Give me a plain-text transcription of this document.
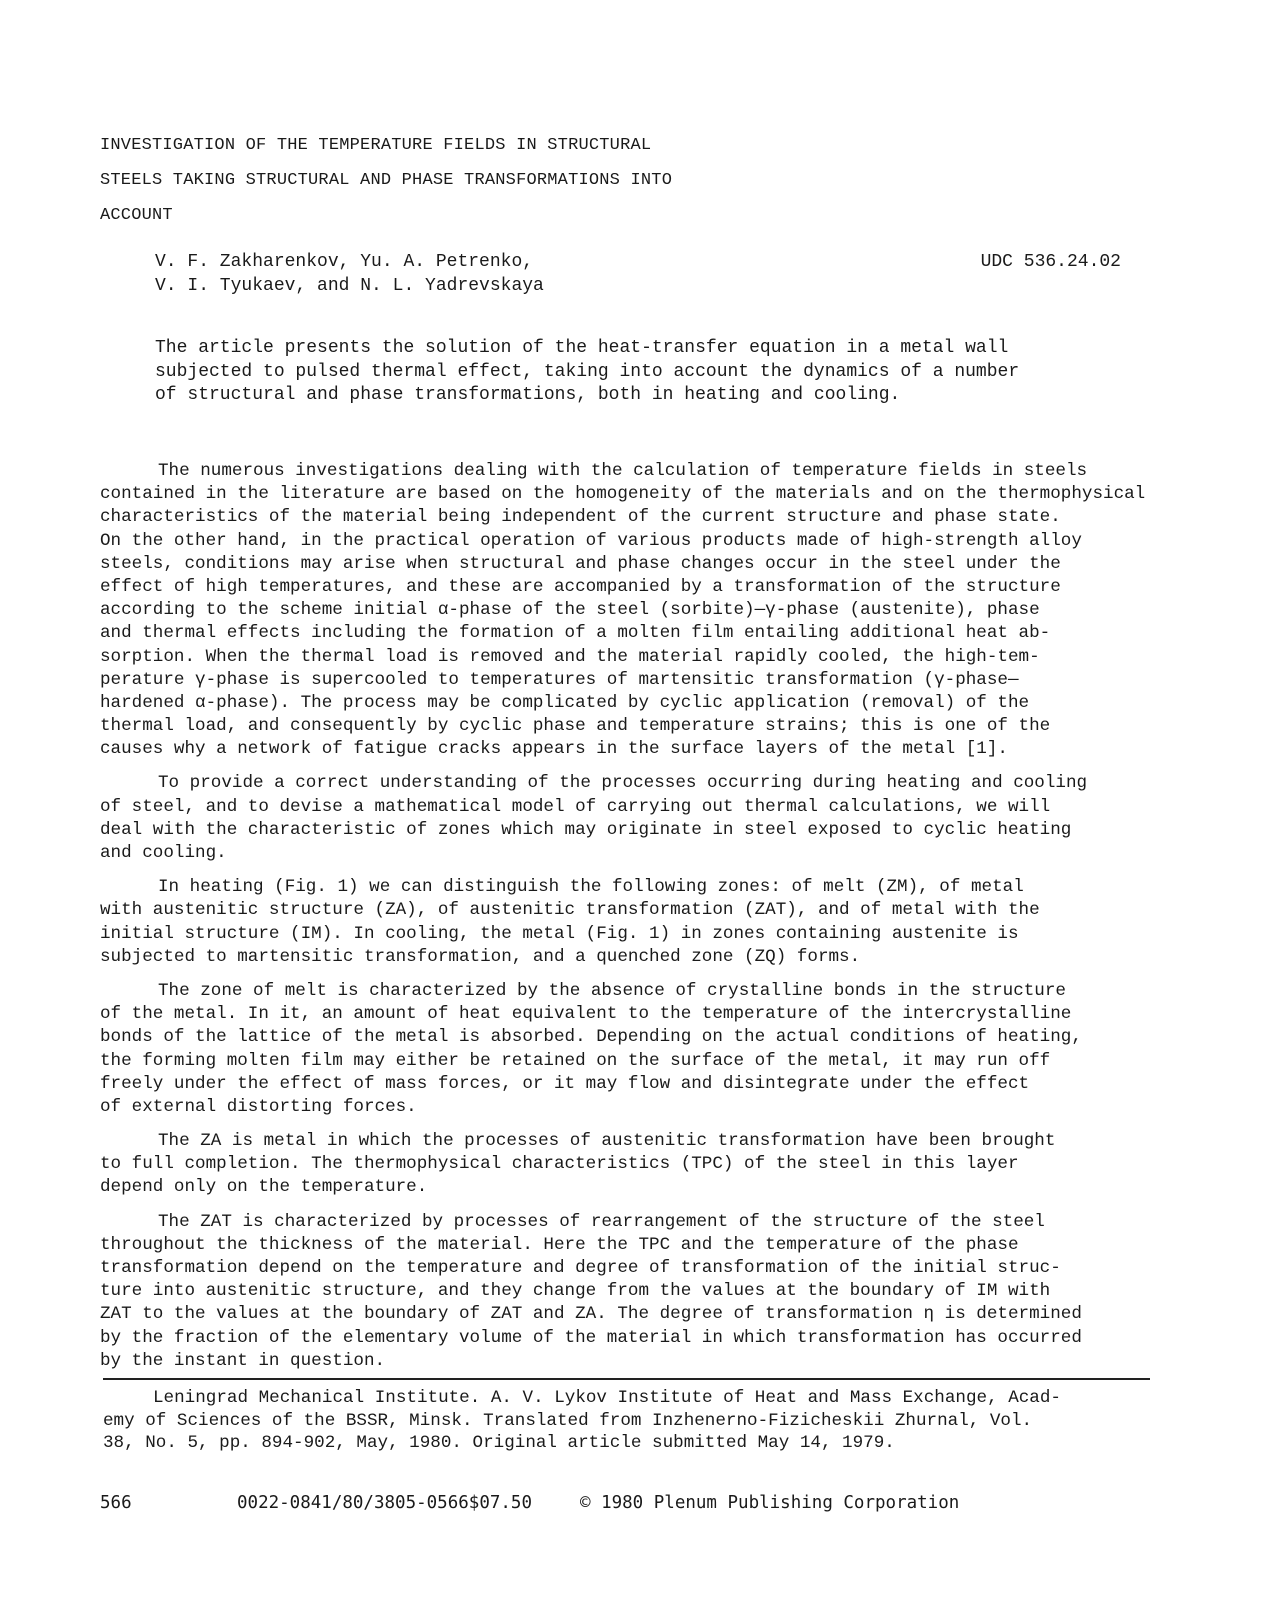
INVESTIGATION OF THE TEMPERATURE FIELDS IN STRUCTURAL
STEELS TAKING STRUCTURAL AND PHASE TRANSFORMATIONS INTO
ACCOUNT
V. F. Zakharenkov, Yu. A. Petrenko,
V. I. Tyukaev, and N. L. Yadrevskaya
UDC 536.24.02
The article presents the solution of the heat-transfer equation in a metal wall
subjected to pulsed thermal effect, taking into account the dynamics of a number
of structural and phase transformations, both in heating and cooling.
The numerous investigations dealing with the calculation of temperature fields in steels
contained in the literature are based on the homogeneity of the materials and on the thermophysical
characteristics of the material being independent of the current structure and phase state.
On the other hand, in the practical operation of various products made of high-strength alloy
steels, conditions may arise when structural and phase changes occur in the steel under the
effect of high temperatures, and these are accompanied by a transformation of the structure
according to the scheme initial α-phase of the steel (sorbite)—γ-phase (austenite), phase
and thermal effects including the formation of a molten film entailing additional heat ab-
sorption. When the thermal load is removed and the material rapidly cooled, the high-tem-
perature γ-phase is supercooled to temperatures of martensitic transformation (γ-phase—
hardened α-phase). The process may be complicated by cyclic application (removal) of the
thermal load, and consequently by cyclic phase and temperature strains; this is one of the
causes why a network of fatigue cracks appears in the surface layers of the metal [1].
To provide a correct understanding of the processes occurring during heating and cooling
of steel, and to devise a mathematical model of carrying out thermal calculations, we will
deal with the characteristic of zones which may originate in steel exposed to cyclic heating
and cooling.
In heating (Fig. 1) we can distinguish the following zones: of melt (ZM), of metal
with austenitic structure (ZA), of austenitic transformation (ZAT), and of metal with the
initial structure (IM). In cooling, the metal (Fig. 1) in zones containing austenite is
subjected to martensitic transformation, and a quenched zone (ZQ) forms.
The zone of melt is characterized by the absence of crystalline bonds in the structure
of the metal. In it, an amount of heat equivalent to the temperature of the intercrystalline
bonds of the lattice of the metal is absorbed. Depending on the actual conditions of heating,
the forming molten film may either be retained on the surface of the metal, it may run off
freely under the effect of mass forces, or it may flow and disintegrate under the effect
of external distorting forces.
The ZA is metal in which the processes of austenitic transformation have been brought
to full completion. The thermophysical characteristics (TPC) of the steel in this layer
depend only on the temperature.
The ZAT is characterized by processes of rearrangement of the structure of the steel
throughout the thickness of the material. Here the TPC and the temperature of the phase
transformation depend on the temperature and degree of transformation of the initial struc-
ture into austenitic structure, and they change from the values at the boundary of IM with
ZAT to the values at the boundary of ZAT and ZA. The degree of transformation η is determined
by the fraction of the elementary volume of the material in which transformation has occurred
by the instant in question.
Leningrad Mechanical Institute. A. V. Lykov Institute of Heat and Mass Exchange, Acad-
emy of Sciences of the BSSR, Minsk. Translated from Inzhenerno-Fizicheskii Zhurnal, Vol.
38, No. 5, pp. 894-902, May, 1980. Original article submitted May 14, 1979.
566	0022-0841/80/3805-0566$07.50	© 1980 Plenum Publishing Corporation
